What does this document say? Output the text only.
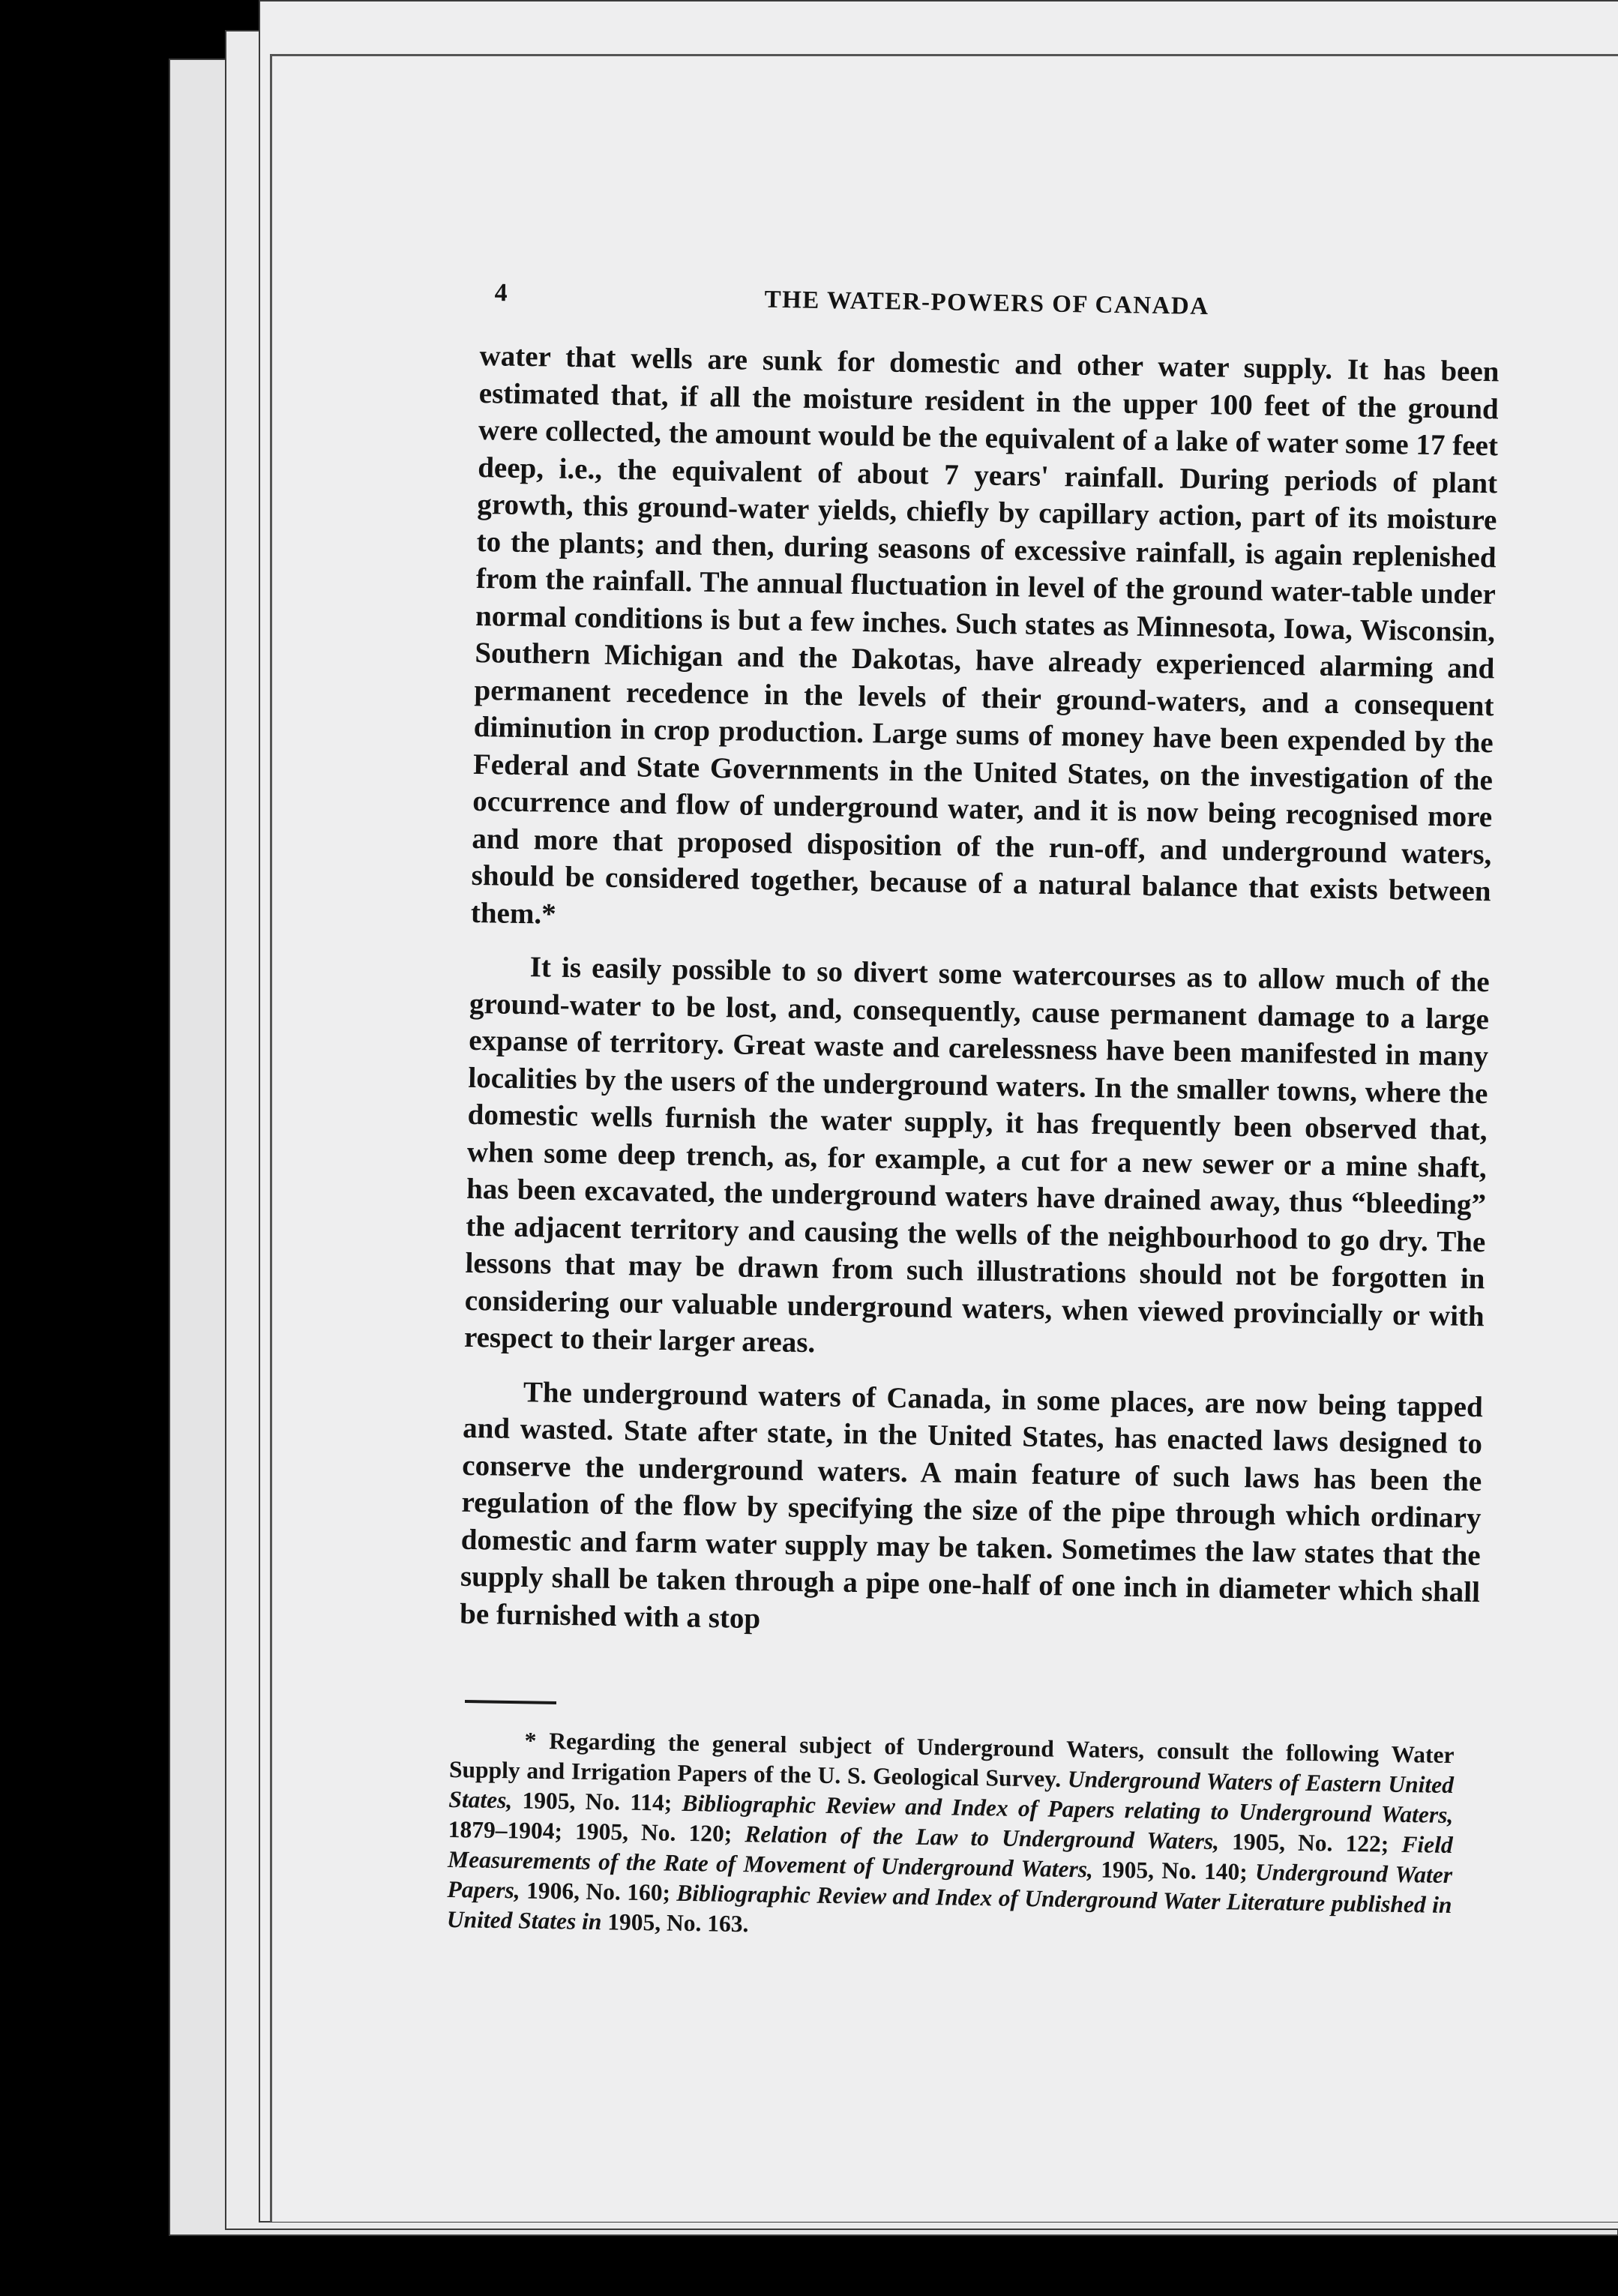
4	THE WATER-POWERS OF CANADA

water that wells are sunk for domestic and other water supply. It has been estimated that, if all the moisture resident in the upper 100 feet of the ground were collected, the amount would be the equivalent of a lake of water some 17 feet deep, i.e., the equivalent of about 7 years' rainfall. During periods of plant growth, this ground-water yields, chiefly by capillary action, part of its moisture to the plants; and then, during seasons of excessive rainfall, is again replenished from the rainfall. The annual fluctuation in level of the ground water-table under normal conditions is but a few inches. Such states as Minnesota, Iowa, Wisconsin, Southern Michigan and the Dakotas, have already experienced alarming and permanent recedence in the levels of their ground-waters, and a consequent diminution in crop production. Large sums of money have been expended by the Federal and State Governments in the United States, on the investigation of the occurrence and flow of underground water, and it is now being recognised more and more that proposed disposition of the run-off, and underground waters, should be considered together, because of a natural balance that exists between them.*

It is easily possible to so divert some watercourses as to allow much of the ground-water to be lost, and, consequently, cause permanent damage to a large expanse of territory. Great waste and carelessness have been manifested in many localities by the users of the underground waters. In the smaller towns, where the domestic wells furnish the water supply, it has frequently been observed that, when some deep trench, as, for example, a cut for a new sewer or a mine shaft, has been excavated, the underground waters have drained away, thus “bleeding” the adjacent territory and causing the wells of the neighbourhood to go dry. The lessons that may be drawn from such illustrations should not be forgotten in considering our valuable underground waters, when viewed provincially or with respect to their larger areas.

The underground waters of Canada, in some places, are now being tapped and wasted. State after state, in the United States, has enacted laws designed to conserve the underground waters. A main feature of such laws has been the regulation of the flow by specifying the size of the pipe through which ordinary domestic and farm water supply may be taken. Sometimes the law states that the supply shall be taken through a pipe one-half of one inch in diameter which shall be furnished with a stop

* Regarding the general subject of Underground Waters, consult the following Water Supply and Irrigation Papers of the U. S. Geological Survey. Underground Waters of Eastern United States, 1905, No. 114; Bibliographic Review and Index of Papers relating to Underground Waters, 1879–1904; 1905, No. 120; Relation of the Law to Underground Waters, 1905, No. 122; Field Measurements of the Rate of Movement of Underground Waters, 1905, No. 140; Underground Water Papers, 1906, No. 160; Bibliographic Review and Index of Underground Water Literature published in United States in 1905, No. 163.
